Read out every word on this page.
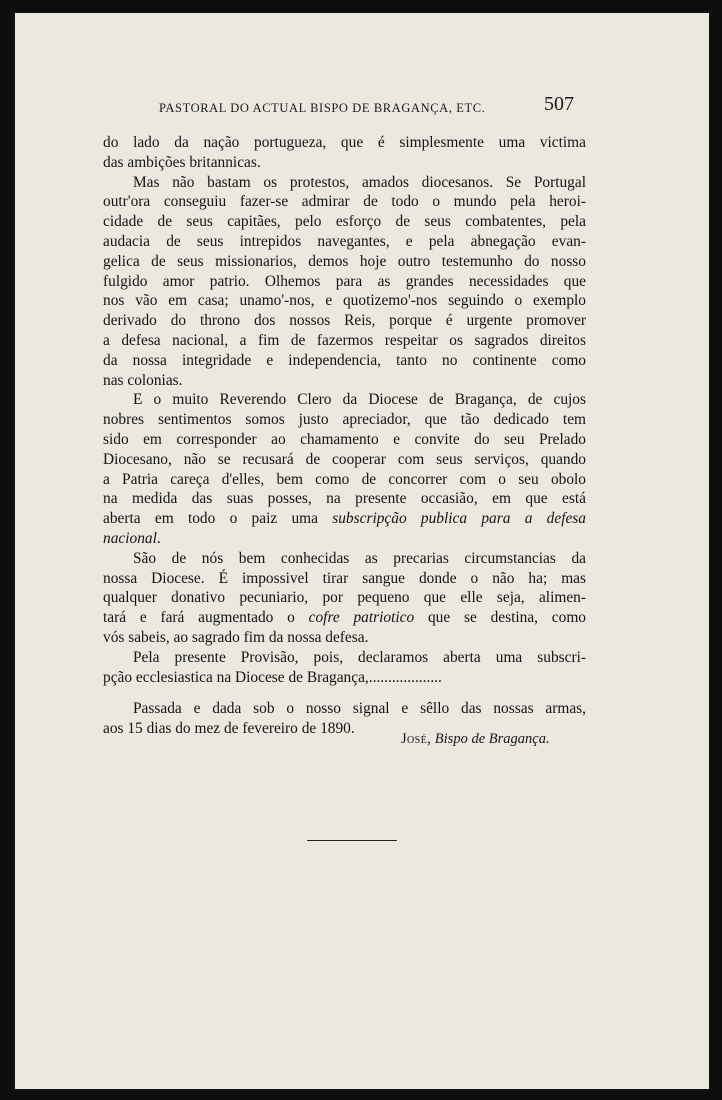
PASTORAL DO ACTUAL BISPO DE BRAGANÇA, ETC.	507
do lado da nação portugueza, que é simplesmente uma victima
das ambições britannicas.
Mas não bastam os protestos, amados diocesanos. Se Portugal
outr'ora conseguiu fazer-se admirar de todo o mundo pela heroi-
cidade de seus capitães, pelo esforço de seus combatentes, pela
audacia de seus intrepidos navegantes, e pela abnegação evan-
gelica de seus missionarios, demos hoje outro testemunho do nosso
fulgido amor patrio. Olhemos para as grandes necessidades que
nos vão em casa; unamo'-nos, e quotizemo'-nos seguindo o exemplo
derivado do throno dos nossos Reis, porque é urgente promover
a defesa nacional, a fim de fazermos respeitar os sagrados direitos
da nossa integridade e independencia, tanto no continente como
nas colonias.
E o muito Reverendo Clero da Diocese de Bragança, de cujos
nobres sentimentos somos justo apreciador, que tão dedicado tem
sido em corresponder ao chamamento e convite do seu Prelado
Diocesano, não se recusará de cooperar com seus serviços, quando
a Patria careça d'elles, bem como de concorrer com o seu obolo
na medida das suas posses, na presente occasião, em que está
aberta em todo o paiz uma subscripção publica para a defesa
nacional.
São de nós bem conhecidas as precarias circumstancias da
nossa Diocese. É impossivel tirar sangue donde o não ha; mas
qualquer donativo pecuniario, por pequeno que elle seja, alimen-
tará e fará augmentado o cofre patriotico que se destina, como
vós sabeis, ao sagrado fim da nossa defesa.
Pela presente Provisão, pois, declaramos aberta uma subscri-
pção ecclesiastica na Diocese de Bragança,...................
Passada e dada sob o nosso signal e sêllo das nossas armas,
aos 15 dias do mez de fevereiro de 1890.
José, Bispo de Bragança.
